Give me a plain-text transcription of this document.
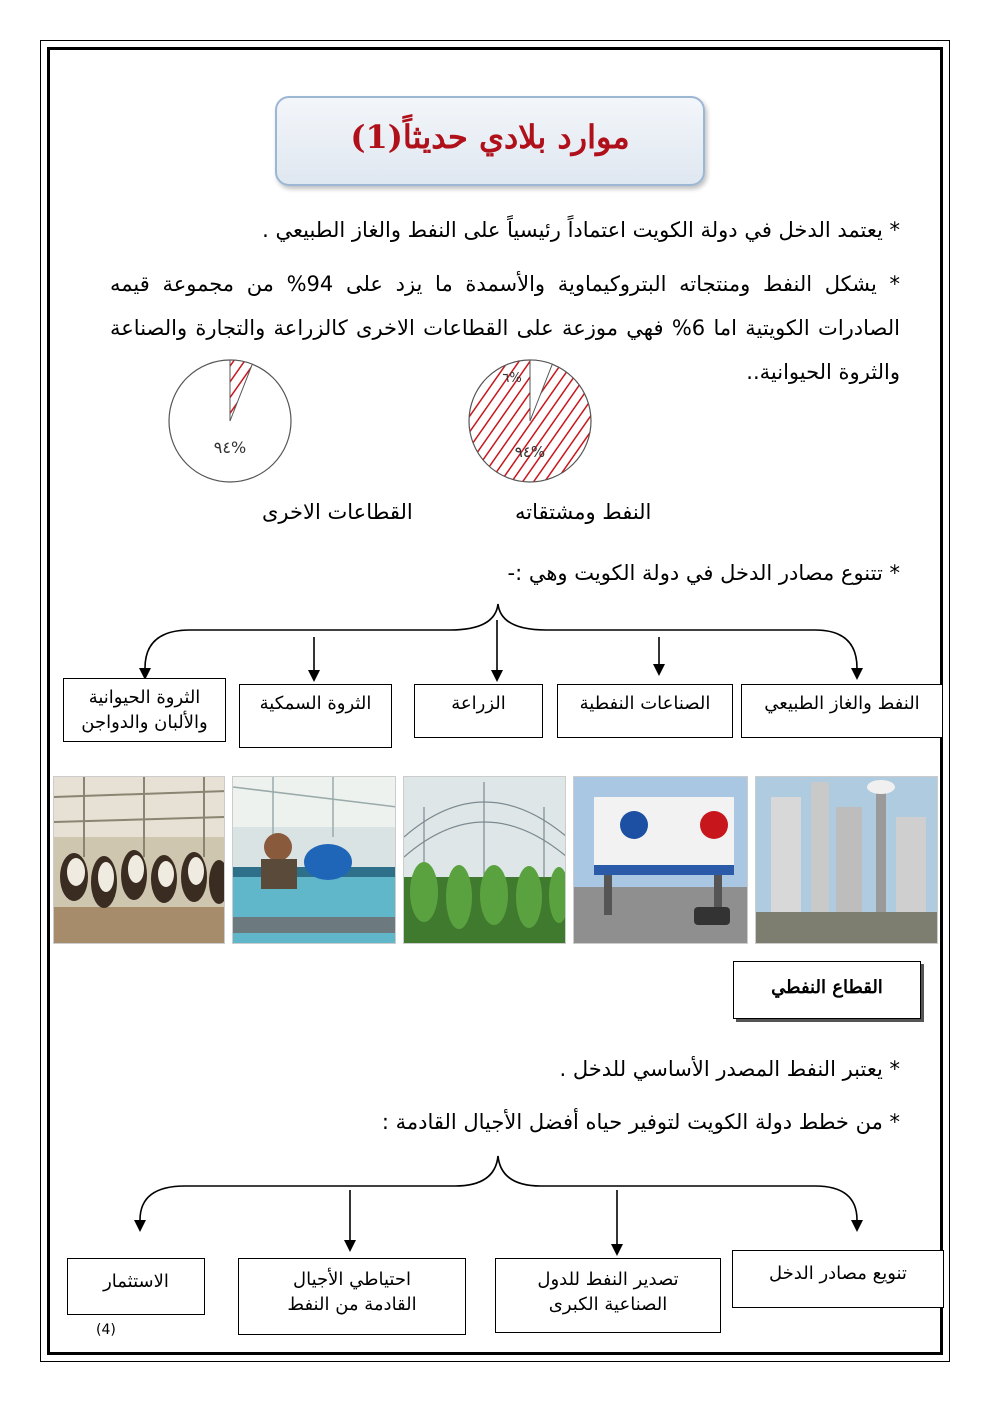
موارد بلادي حديثاً(1)
* يعتمد الدخل في دولة الكويت اعتماداً رئيسياً على النفط والغاز الطبيعي .
* يشكل النفط ومنتجاته البتروكيماوية والأسمدة ما يزد على 94% من مجموعة قيمه الصادرات الكويتية اما 6% فهي موزعة على القطاعات الاخرى كالزراعة والتجارة والصناعة والثروة الحيوانية..
٩٤%
٦%
٩٤%
النفط ومشتقاته
القطاعات الاخرى
* تتنوع مصادر الدخل في دولة الكويت وهي :-
النفط والغاز الطبيعي
الصناعات النفطية
الزراعة
الثروة السمكية
الثروة الحيوانية والألبان والدواجن
القطاع النفطي
* يعتبر النفط المصدر الأساسي للدخل .
* من خطط دولة الكويت لتوفير حياه أفضل الأجيال القادمة :
تنويع مصادر الدخل
تصدير النفط للدول الصناعية الكبرى
احتياطي الأجيال القادمة من النفط
الاستثمار
(4)
